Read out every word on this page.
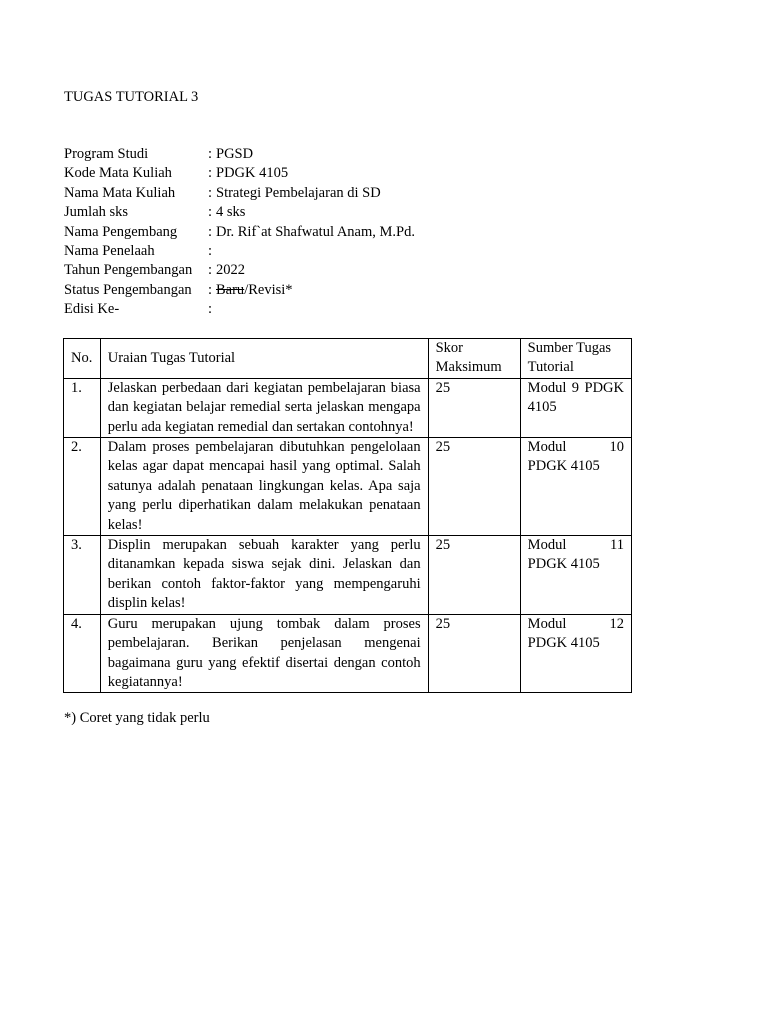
TUGAS TUTORIAL 3
Program Studi	: PGSD
Kode Mata Kuliah	: PDGK 4105
Nama Mata Kuliah	: Strategi Pembelajaran di SD
Jumlah sks	: 4 sks
Nama Pengembang	: Dr. Rif`at Shafwatul Anam, M.Pd.
Nama Penelaah	:
Tahun Pengembangan	: 2022
Status Pengembangan	: Baru/Revisi*
Edisi Ke-	:
No.	Uraian Tugas Tutorial	Skor Maksimum	Sumber Tugas Tutorial
1.	Jelaskan perbedaan dari kegiatan pembelajaran biasa dan kegiatan belajar remedial serta jelaskan mengapa perlu ada kegiatan remedial dan sertakan contohnya!	25	Modul 9 PDGK 4105
2.	Dalam proses pembelajaran dibutuhkan pengelolaan kelas agar dapat mencapai hasil yang optimal. Salah satunya adalah penataan lingkungan kelas. Apa saja yang perlu diperhatikan dalam melakukan penataan kelas!	25	Modul 10 PDGK 4105
3.	Displin merupakan sebuah karakter yang perlu ditanamkan kepada siswa sejak dini. Jelaskan dan berikan contoh faktor-faktor yang mempengaruhi displin kelas!	25	Modul 11 PDGK 4105
4.	Guru merupakan ujung tombak dalam proses pembelajaran. Berikan penjelasan mengenai bagaimana guru yang efektif disertai dengan contoh kegiatannya!	25	Modul 12 PDGK 4105
*) Coret yang tidak perlu
